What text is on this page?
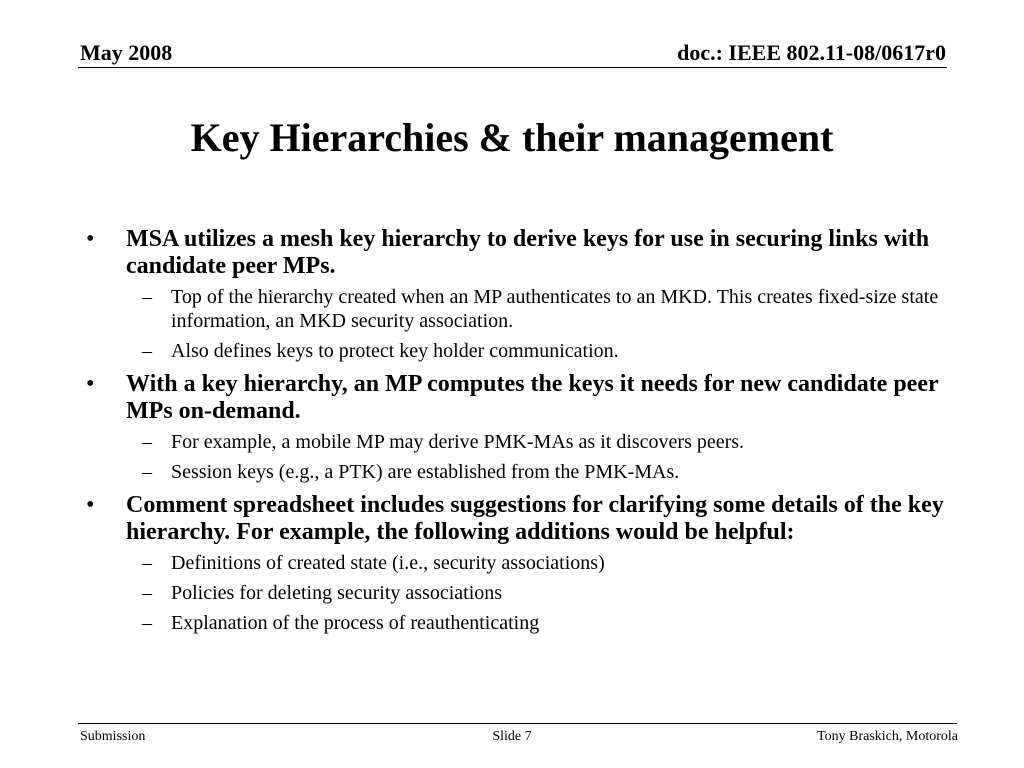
May 2008	doc.: IEEE 802.11-08/0617r0
Key Hierarchies & their management
•	MSA utilizes a mesh key hierarchy to derive keys for use in securing links with candidate peer MPs.
– Top of the hierarchy created when an MP authenticates to an MKD. This creates fixed-size state information, an MKD security association.
– Also defines keys to protect key holder communication.
•	With a key hierarchy, an MP computes the keys it needs for new candidate peer MPs on-demand.
– For example, a mobile MP may derive PMK-MAs as it discovers peers.
– Session keys (e.g., a PTK) are established from the PMK-MAs.
•	Comment spreadsheet includes suggestions for clarifying some details of the key hierarchy. For example, the following additions would be helpful:
– Definitions of created state (i.e., security associations)
– Policies for deleting security associations
– Explanation of the process of reauthenticating
Submission	Slide 7	Tony Braskich, Motorola
